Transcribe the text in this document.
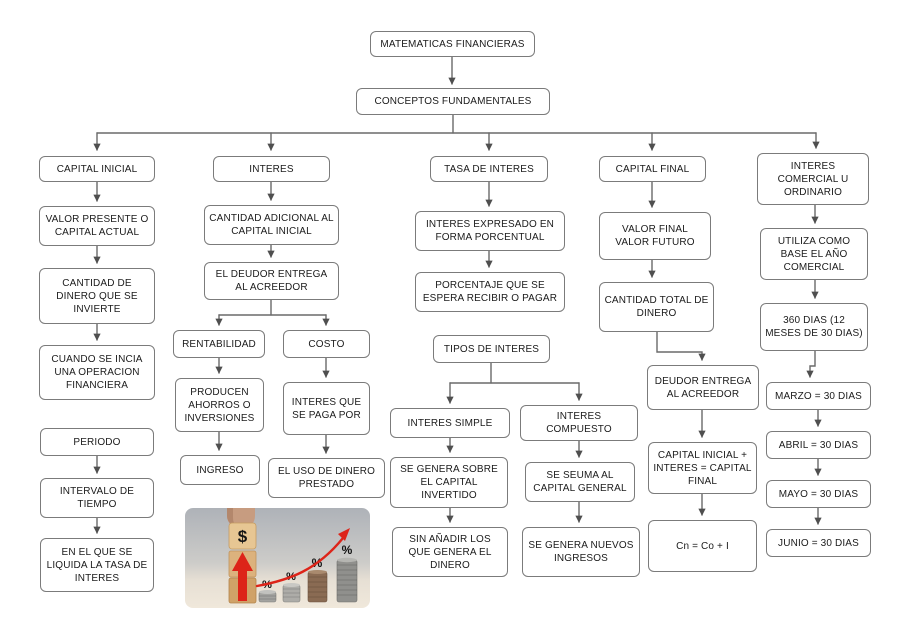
MATEMATICAS FINANCIERAS
CONCEPTOS FUNDAMENTALES
CAPITAL INICIAL
VALOR PRESENTE O CAPITAL ACTUAL
CANTIDAD DE DINERO QUE SE INVIERTE
CUANDO SE INCIA UNA OPERACION FINANCIERA
PERIODO
INTERVALO DE TIEMPO
EN EL QUE SE LIQUIDA LA TASA DE INTERES
INTERES
CANTIDAD ADICIONAL AL CAPITAL INICIAL
EL DEUDOR ENTREGA AL ACREEDOR
RENTABILIDAD	COSTO
PRODUCEN AHORROS O INVERSIONES
INTERES QUE SE PAGA POR
INGRESO	EL USO DE DINERO PRESTADO
TASA DE INTERES
INTERES EXPRESADO EN FORMA PORCENTUAL
PORCENTAJE QUE SE ESPERA RECIBIR O PAGAR
TIPOS DE INTERES
INTERES SIMPLE
INTERES COMPUESTO
SE GENERA SOBRE EL CAPITAL INVERTIDO
SE SEUMA AL CAPITAL GENERAL
SIN AÑADIR LOS QUE GENERA EL DINERO
SE GENERA NUEVOS INGRESOS
CAPITAL FINAL
VALOR FINAL VALOR FUTURO
CANTIDAD TOTAL DE DINERO
DEUDOR ENTREGA AL ACREEDOR
CAPITAL INICIAL + INTERES = CAPITAL FINAL
Cn = Co + I
INTERES COMERCIAL U ORDINARIO
UTILIZA COMO BASE EL AÑO COMERCIAL
360 DIAS (12 MESES DE 30 DIAS)
MARZO = 30 DIAS
ABRIL = 30 DIAS
MAYO = 30 DIAS
JUNIO = 30 DIAS
$
%
%
%
%
